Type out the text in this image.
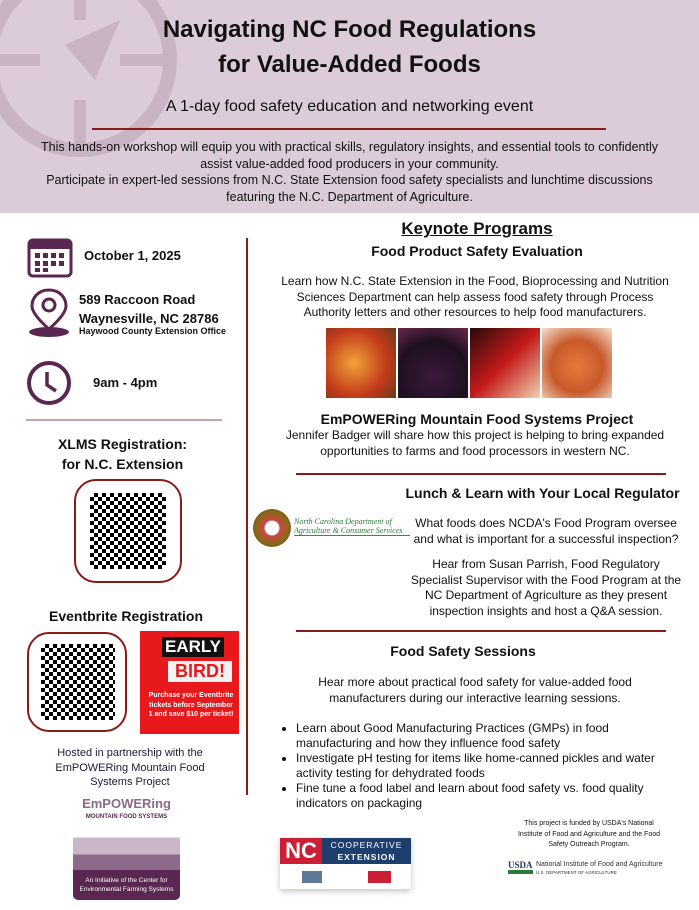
Navigating NC Food Regulations
for Value-Added Foods
A 1-day food safety education and networking event
This hands-on workshop will equip you with practical skills, regulatory insights, and essential tools to confidently
assist value-added food producers in your community.
Participate in expert-led sessions from N.C. State Extension food safety specialists and lunchtime discussions
featuring the N.C. Department of Agriculture.
October 1, 2025
589 Raccoon Road
Waynesville, NC 28786
Haywood County Extension Office
9am - 4pm
XLMS Registration:
for N.C. Extension
Eventbrite Registration
EARLY
BIRD!
Purchase your Eventbrite tickets before September 1 and save $10 per ticket!
Hosted in partnership with the EmPOWERing Mountain Food Systems Project
EmPOWERing
MOUNTAIN FOOD SYSTEMS
An Initiative of the Center for Environmental Farming Systems
Keynote Programs
Food Product Safety Evaluation
Learn how N.C. State Extension in the Food, Bioprocessing and Nutrition Sciences Department can help assess food safety through Process Authority letters and other resources to help food manufacturers.
EmPOWERing Mountain Food Systems Project
Jennifer Badger will share how this project is helping to bring expanded opportunities to farms and food processors in western NC.
Lunch & Learn with Your Local Regulator
North Carolina Department of Agriculture & Consumer Services
What foods does NCDA's Food Program oversee and what is important for a successful inspection?
Hear from Susan Parrish, Food Regulatory Specialist Supervisor with the Food Program at the NC Department of Agriculture as they present inspection insights and host a Q&A session.
Food Safety Sessions
Hear more about practical food safety for value-added food manufacturers during our interactive learning sessions.
• Learn about Good Manufacturing Practices (GMPs) in food manufacturing and how they influence food safety
• Investigate pH testing for items like home-canned pickles and water activity testing for dehydrated foods
• Fine tune a food label and learn about food safety vs. food quality indicators on packaging
NC	COOPERATIVE
EXTENSION
This project is funded by USDA's National Institute of Food and Agriculture and the Food Safety Outreach Program.
USDA National Institute of Food and Agriculture
U.S. DEPARTMENT OF AGRICULTURE
